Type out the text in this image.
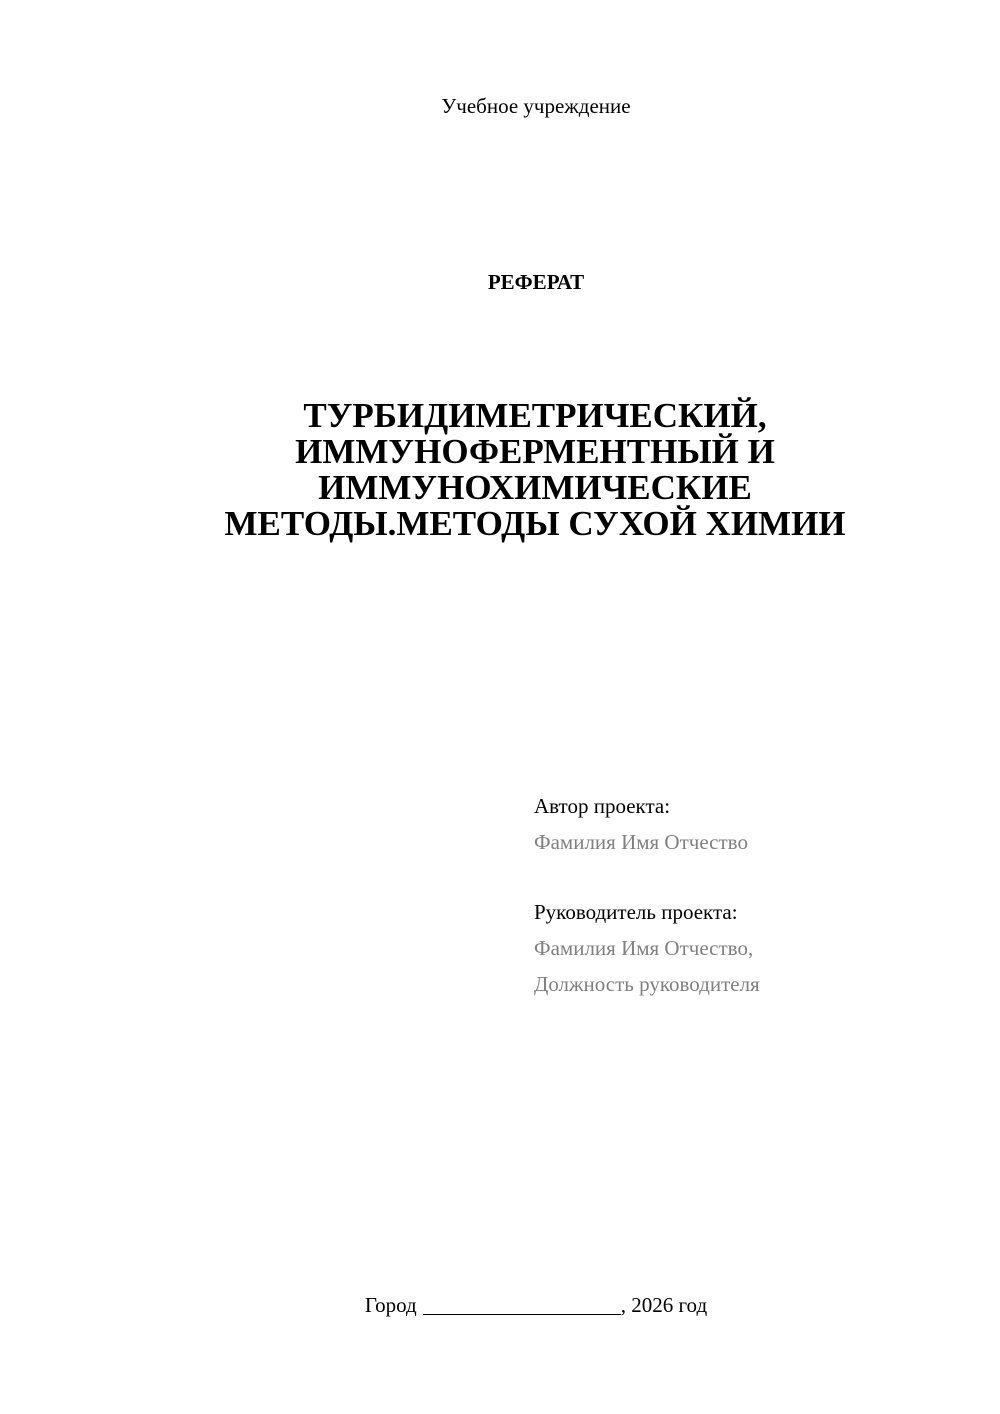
Учебное учреждение
РЕФЕРАТ
ТУРБИДИМЕТРИЧЕСКИЙ,
ИММУНОФЕРМЕНТНЫЙ И
ИММУНОХИМИЧЕСКИЕ
МЕТОДЫ.МЕТОДЫ СУХОЙ ХИМИИ
Автор проекта:
Фамилия Имя Отчество
Руководитель проекта:
Фамилия Имя Отчество,
Должность руководителя
Город	, 2026 год
